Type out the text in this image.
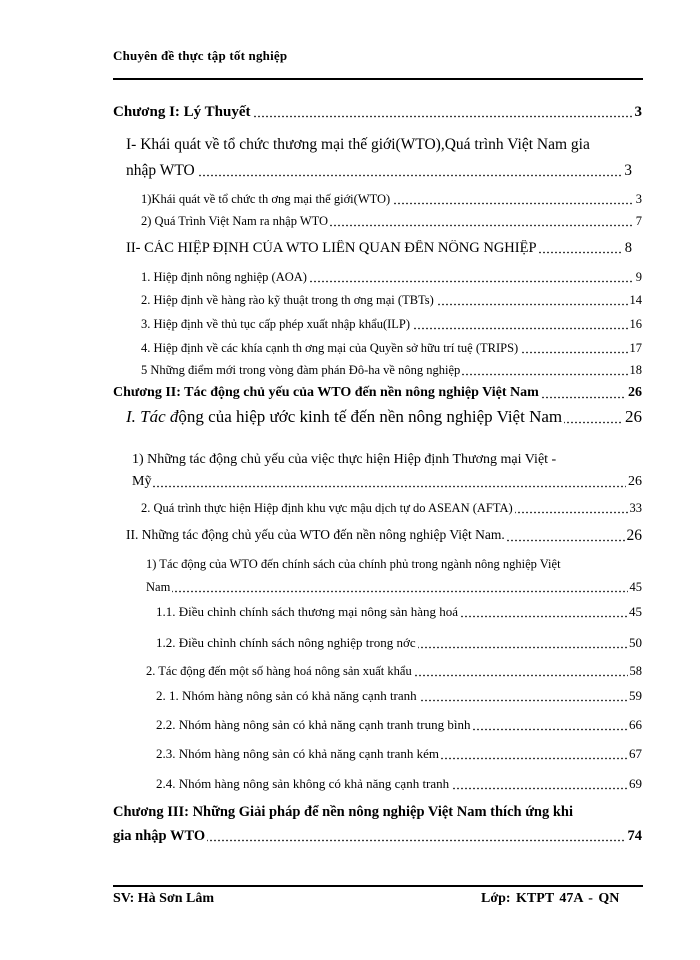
Chuyên đề thực tập tốt nghiệp
3
Chương I: Lý Thuyết
I- Khái quát về tổ chức thương mại thế giới(WTO),Quá trình Việt Nam gia
3
nhập WTO
3
1)Khái quát về tổ chức th ơng mại thế giới(WTO)
7
2) Quá Trình Việt Nam ra nhập WTO
8
II- CÁC HIỆP ĐỊNH CỦA WTO LIÊN QUAN ĐẾN NÔNG NGHIỆP
9
1. Hiệp định nông nghiệp (AOA)
14
2. Hiệp định về hàng rào kỹ thuật trong th ơng mại (TBTs)
16
3. Hiệp định về thủ tục cấp phép xuất nhập khẩu(ILP)
17
4. Hiệp định về các khía cạnh th ơng mại của Quyền sở hữu trí tuệ (TRIPS)
18
5 Những điểm mới trong vòng đàm phán Đô-ha về nông nghiệp
26
Chương II: Tác động chủ yếu của WTO đến nền nông nghiệp Việt Nam
26
I. Tác động của hiệp ước kinh tế đến nền nông nghiệp Việt Nam
1) Những tác động chủ yếu của việc thực hiện Hiệp định Thương mại Việt -
26
Mỹ
33
2. Quá trình thực hiện Hiệp định khu vực mậu dịch tự do ASEAN (AFTA)
26
II. Những tác động chủ yếu của WTO đến nền nông nghiệp Việt Nam.
1) Tác động của WTO đến chính sách của chính phủ trong ngành nông nghiệp Việt
45
Nam
45
1.1. Điều chỉnh chính sách thương mại nông sản hàng hoá
50
1.2. Điều chỉnh chính sách nông nghiệp trong nớc
58
2. Tác động đến một số hàng hoá nông sản xuất khẩu
59
2. 1. Nhóm hàng nông sản có khả năng cạnh tranh
66
2.2. Nhóm hàng nông sản có khả năng cạnh tranh trung bình
67
2.3. Nhóm hàng nông sản có khả năng cạnh tranh kém
69
2.4. Nhóm hàng nông sản không có khả năng cạnh tranh
Chương III: Những Giải pháp để nền nông nghiệp Việt Nam thích ứng khi
74
gia nhập WTO
SV: Hà Sơn Lâm	Lớp: KTPT 47A - QN
